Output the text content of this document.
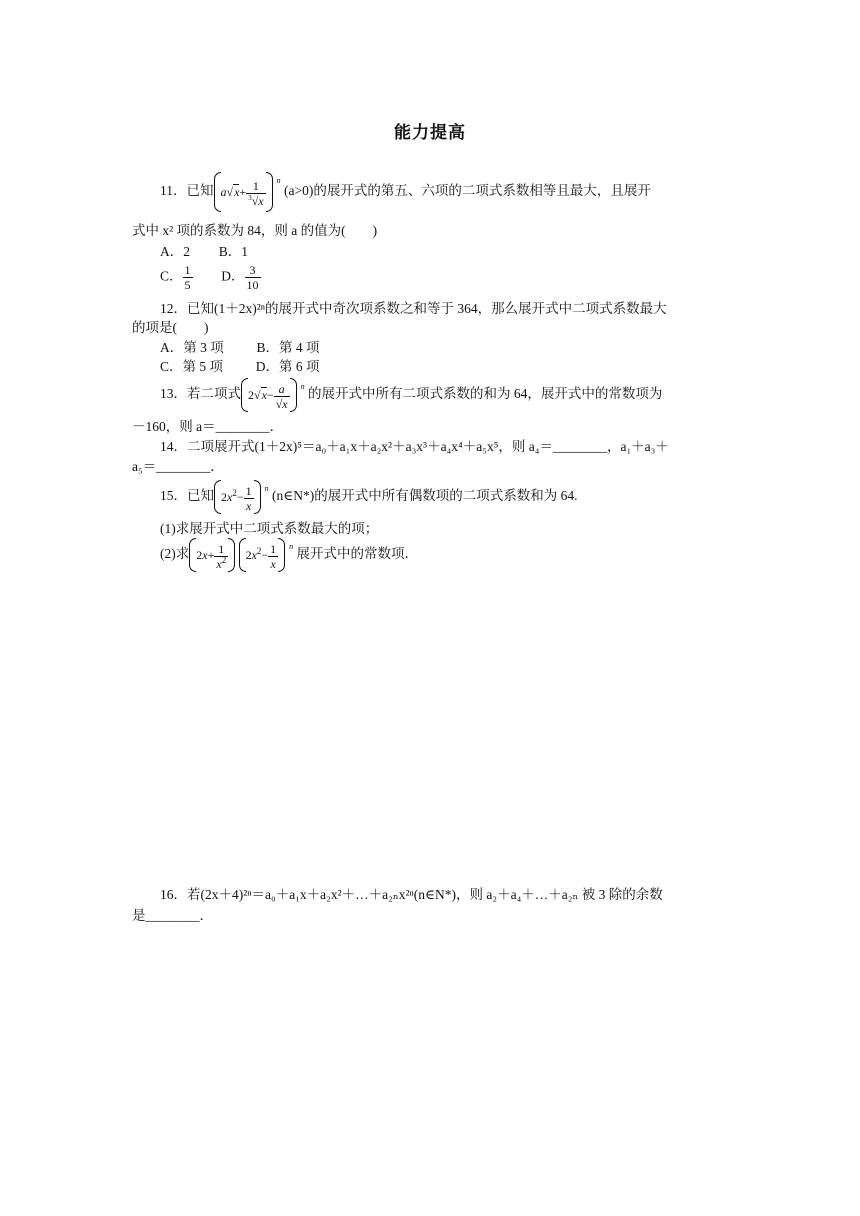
能力提高
11．已知 $a√x+ \frac{1}{^3√x} ^n$ (a>0)的展开式的第五、六项的二项式系数相等且最大，且展开
式中 x² 项的系数为 84，则 a 的值为(　　)
A．2 B．1
C． $\frac{1}{5}$ D． $\frac{3}{10}$
12．已知(1＋2x)²ⁿ的展开式中奇次项系数之和等于 364，那么展开式中二项式系数最大
的项是(　　)
A．第 3 项 B．第 4 项
C．第 5 项 D．第 6 项
13．若二项式 $2√x- \frac{a}{√x} ^n$ 的展开式中所有二项式系数的和为 64，展开式中的常数项为
－160，则 a＝________．
14．二项展开式(1＋2x)⁵＝a₀＋a₁x＋a₂x²＋a₃x³＋a₄x⁴＋a₅x⁵，则 a₄＝________，a₁＋a₃＋
a₅＝________．
15．已知 $2x^2- \frac{1}{x} ^n$ (n∈N*)的展开式中所有偶数项的二项式系数和为 64.
(1)求展开式中二项式系数最大的项；
(2)求 $2x+ \frac{1}{x^2} 2x^2- \frac{1}{x} ^n$ 展开式中的常数项．
16．若(2x＋4)²ⁿ＝a₀＋a₁x＋a₂x²＋…＋a₂ₙx²ⁿ(n∈N*)，则 a₂＋a₄＋…＋a₂ₙ 被 3 除的余数
是________．
